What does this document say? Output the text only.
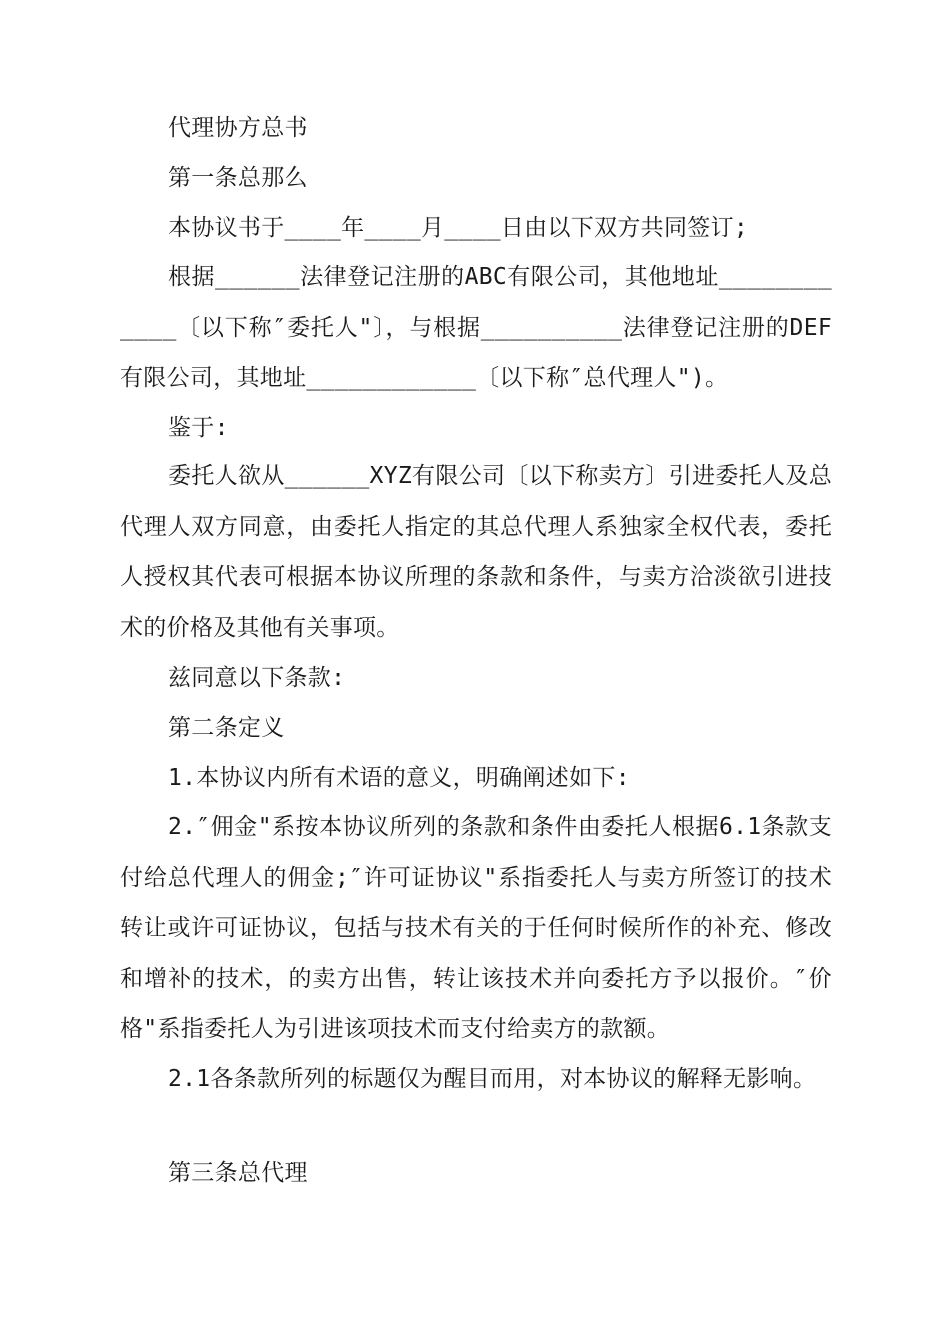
代理协方总书
第一条总那么
本协议书于____年____月____日由以下双方共同签订;
根据______法律登记注册的ABC有限公司，其他地址____________〔以下称″委托人"〕，与根据__________法律登记注册的DEF有限公司，其地址____________〔以下称″总代理人")。
鉴于:
委托人欲从______XYZ有限公司〔以下称卖方〕引进委托人及总代理人双方同意，由委托人指定的其总代理人系独家全权代表，委托人授权其代表可根据本协议所理的条款和条件，与卖方洽淡欲引进技术的价格及其他有关事项。
兹同意以下条款:
第二条定义
1.本协议内所有术语的意义，明确阐述如下:
2.″佣金"系按本协议所列的条款和条件由委托人根据6.1条款支付给总代理人的佣金;″许可证协议"系指委托人与卖方所签订的技术转让或许可证协议，包括与技术有关的于任何时候所作的补充、修改和增补的技术，的卖方出售，转让该技术并向委托方予以报价。″价格"系指委托人为引进该项技术而支付给卖方的款额。
2.1各条款所列的标题仅为醒目而用，对本协议的解释无影响。
第三条总代理
